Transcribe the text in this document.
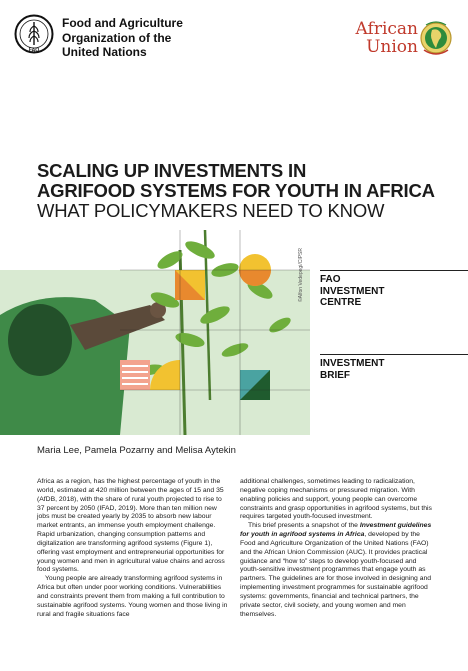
FAO
Food and Agriculture
Organization of the
United Nations
African
Union
SCALING UP INVESTMENTS IN
AGRIFOOD SYSTEMS FOR YOUTH IN AFRICA
WHAT POLICYMAKERS NEED TO KNOW
©Alfon Vedepegi/CIPSR FAO
INVESTMENT
CENTRE
INVESTMENT
BRIEF
Maria Lee, Pamela Pozarny and Melisa Aytekin

Africa as a region, has the highest percentage of youth in the world, estimated at 420 million between the ages of 15 and 35 (AfDB, 2018), with the share of rural youth projected to rise to 37 percent by 2050 (IFAD, 2019). More than ten million new jobs must be created yearly by 2035 to absorb new labour market entrants, an immense youth employment challenge. Rapid urbanization, changing consumption patterns and digitalization are transforming agrifood systems (Figure 1), offering vast employment and entrepreneurial opportunities for young women and men in agricultural value chains and across food systems.

Young people are already transforming agrifood systems in Africa but often under poor working conditions. Vulnerabilities and constraints prevent them from making a full contribution to sustainable agrifood systems. Young women and those living in rural and fragile situations face

additional challenges, sometimes leading to radicalization, negative coping mechanisms or pressured migration. With enabling policies and support, young people can overcome constraints and grasp opportunities in agrifood systems, but this requires targeted youth-focused investment.

This brief presents a snapshot of the Investment guidelines for youth in agrifood systems in Africa, developed by the Food and Agriculture Organization of the United Nations (FAO) and the African Union Commission (AUC). It provides practical guidance and “how to” steps to develop youth-focused and youth-sensitive investment programmes that engage youth as partners. The guidelines are for those involved in designing and implementing investment programmes for sustainable agrifood systems: governments, financial and technical partners, the private sector, civil society, and young women and men themselves.
